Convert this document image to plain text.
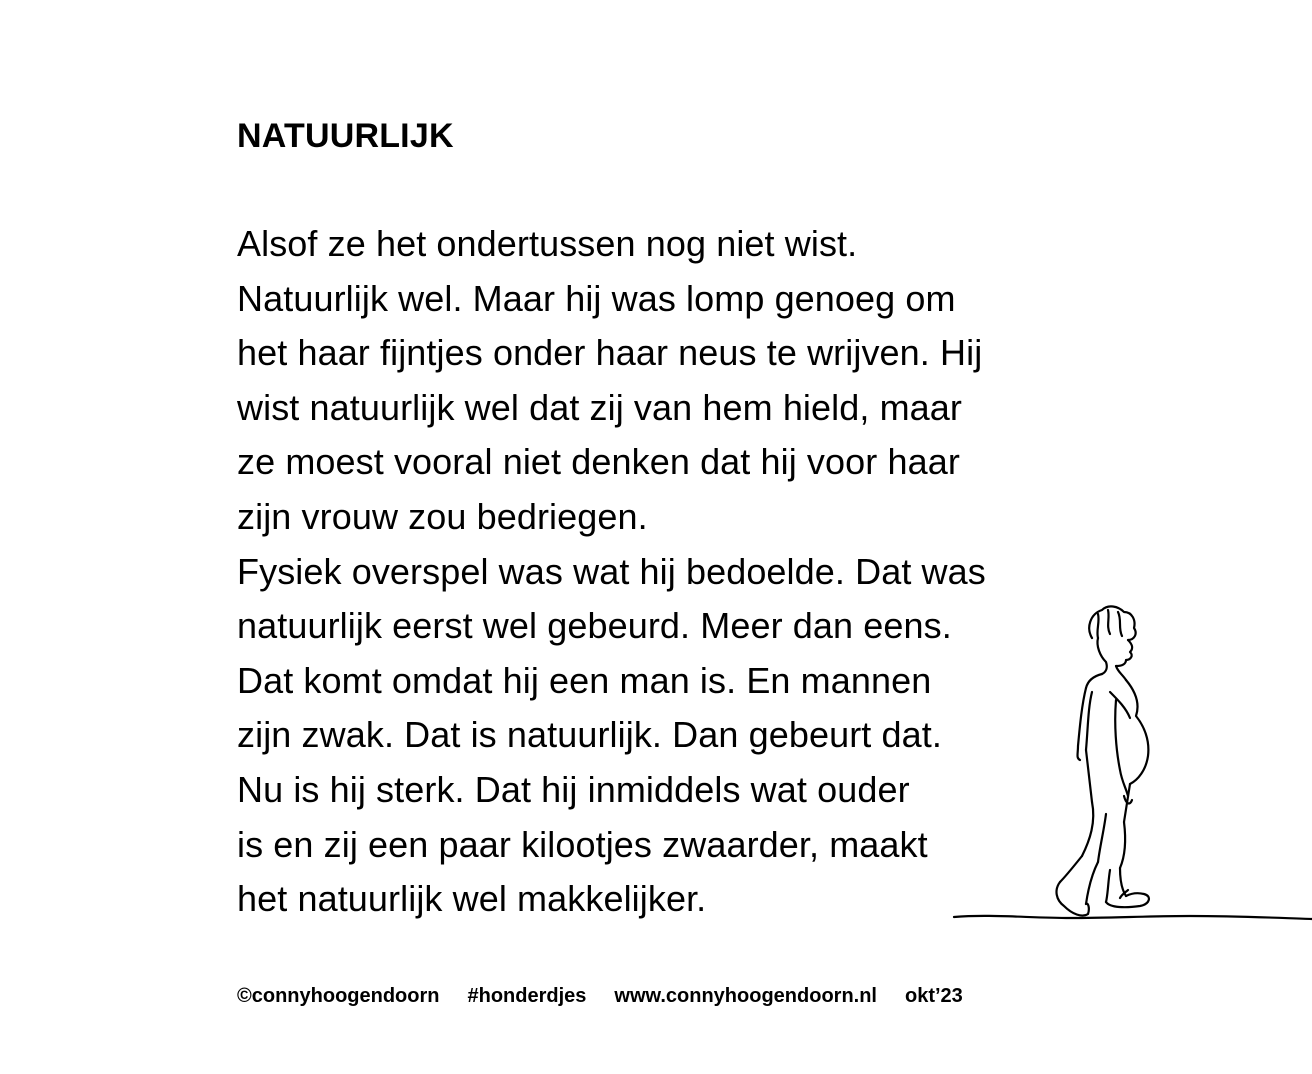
NATUURLIJK
Alsof ze het ondertussen nog niet wist.
Natuurlijk wel. Maar hij was lomp genoeg om
het haar fijntjes onder haar neus te wrijven. Hij
wist natuurlijk wel dat zij van hem hield, maar
ze moest vooral niet denken dat hij voor haar
zijn vrouw zou bedriegen.
Fysiek overspel was wat hij bedoelde. Dat was
natuurlijk eerst wel gebeurd. Meer dan eens.
Dat komt omdat hij een man is. En mannen
zijn zwak. Dat is natuurlijk. Dan gebeurt dat.
Nu is hij sterk. Dat hij inmiddels wat ouder
is en zij een paar kilootjes zwaarder, maakt
het natuurlijk wel makkelijker.
©connyhoogendoorn #honderdjes www.connyhoogendoorn.nl okt’23
